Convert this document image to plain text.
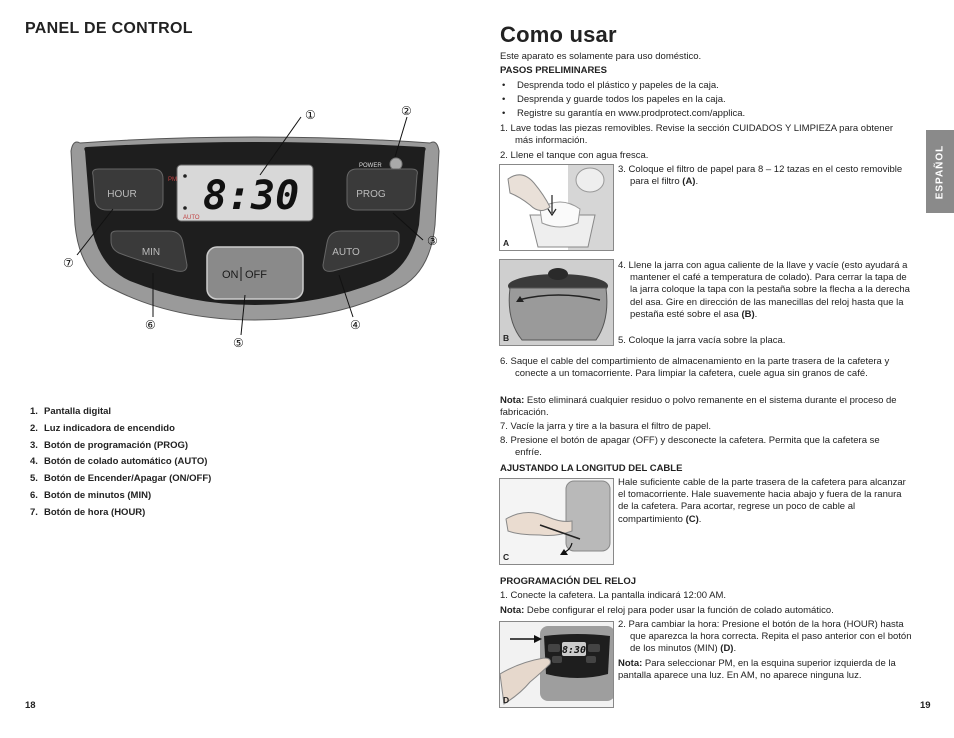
PANEL DE CONTROL
PM
AUTO 8:30
POWER
HOUR	PROG
MIN	AUTO
ON OFF
①	②
③
④
⑤
⑥
⑦
1. Pantalla digital
2. Luz indicadora de encendido
3. Botón de programación (PROG)
4. Botón de colado automático (AUTO)
5. Botón de Encender/Apagar (ON/OFF)
6. Botón de minutos (MIN)
7. Botón de hora (HOUR)
18
Como usar
Este aparato es solamente para uso doméstico.
PASOS PRELIMINARES
• Desprenda todo el plástico y papeles de la caja.
• Desprenda y guarde todos los papeles en la caja.
• Registre su garantía en www.prodprotect.com/applica.
1. Lave todas las piezas removibles. Revise la sección CUIDADOS Y LIMPIEZA para obtener más información.
2. Llene el tanque con agua fresca.
A
3. Coloque el filtro de papel para 8 – 12 tazas en el cesto removible para el filtro (A).
B
4. Llene la jarra con agua caliente de la llave y vacíe (esto ayudará a mantener el café a temperatura de colado). Para cerrar la tapa de la jarra coloque la tapa con la pestaña sobre la flecha a la derecha del asa. Gire en dirección de las manecillas del reloj hasta que la pestaña esté sobre el asa (B).
5. Coloque la jarra vacía sobre la placa.
6. Saque el cable del compartimiento de almacenamiento en la parte trasera de la cafetera y conecte a un tomacorriente. Para limpiar la cafetera, cuele agua sin granos de café.
Nota: Esto eliminará cualquier residuo o polvo remanente en el sistema durante el proceso de fabricación.
7. Vacíe la jarra y tire a la basura el filtro de papel.
8. Presione el botón de apagar (OFF) y desconecte la cafetera. Permita que la cafetera se enfríe.
AJUSTANDO LA LONGITUD DEL CABLE
C
Hale suficiente cable de la parte trasera de la cafetera para alcanzar el tomacorriente. Hale suavemente hacia abajo y fuera de la ranura de la cafetera. Para acortar, regrese un poco de cable al compartimiento (C).
PROGRAMACIÓN DEL RELOJ
1. Conecte la cafetera. La pantalla indicará 12:00 AM.
Nota: Debe configurar el reloj para poder usar la función de colado automático.
8:30
D
2. Para cambiar la hora: Presione el botón de la hora (HOUR) hasta que aparezca la hora correcta. Repita el paso anterior con el botón de los minutos (MIN) (D).
Nota: Para seleccionar PM, en la esquina superior izquierda de la pantalla aparece una luz. En AM, no aparece ninguna luz.
ESPAÑOL
19
